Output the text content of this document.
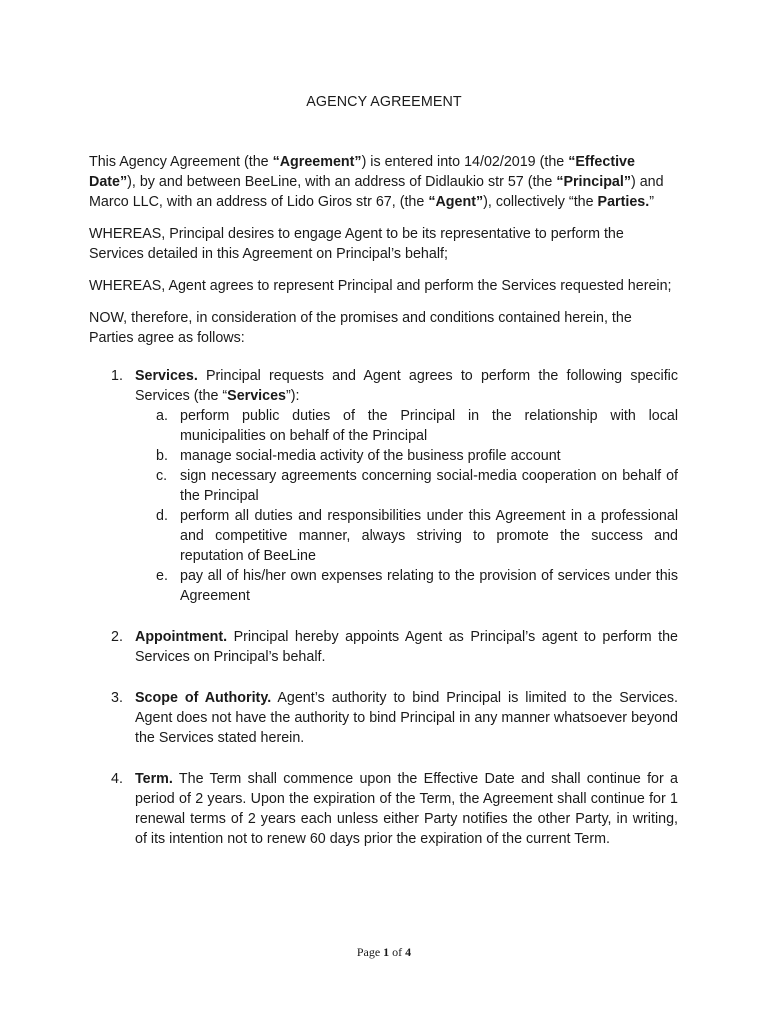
AGENCY AGREEMENT

This Agency Agreement (the “Agreement”) is entered into 14/02/2019 (the “Effective Date”), by and between BeeLine, with an address of Didlaukio str 57 (the “Principal”) and Marco LLC, with an address of Lido Giros str 67, (the “Agent”), collectively “the Parties.”

WHEREAS, Principal desires to engage Agent to be its representative to perform the Services detailed in this Agreement on Principal’s behalf;

WHEREAS, Agent agrees to represent Principal and perform the Services requested herein;

NOW, therefore, in consideration of the promises and conditions contained herein, the Parties agree as follows:

1. Services. Principal requests and Agent agrees to perform the following specific Services (the “Services”):
a. perform public duties of the Principal in the relationship with local municipalities on behalf of the Principal
b. manage social-media activity of the business profile account
c. sign necessary agreements concerning social-media cooperation on behalf of the Principal
d. perform all duties and responsibilities under this Agreement in a professional and competitive manner, always striving to promote the success and reputation of BeeLine
e. pay all of his/her own expenses relating to the provision of services under this Agreement
2. Appointment. Principal hereby appoints Agent as Principal’s agent to perform the Services on Principal’s behalf.
3. Scope of Authority. Agent’s authority to bind Principal is limited to the Services. Agent does not have the authority to bind Principal in any manner whatsoever beyond the Services stated herein.
4. Term. The Term shall commence upon the Effective Date and shall continue for a period of 2 years. Upon the expiration of the Term, the Agreement shall continue for 1 renewal terms of 2 years each unless either Party notifies the other Party, in writing, of its intention not to renew 60 days prior the expiration of the current Term.
Page 1 of 4
